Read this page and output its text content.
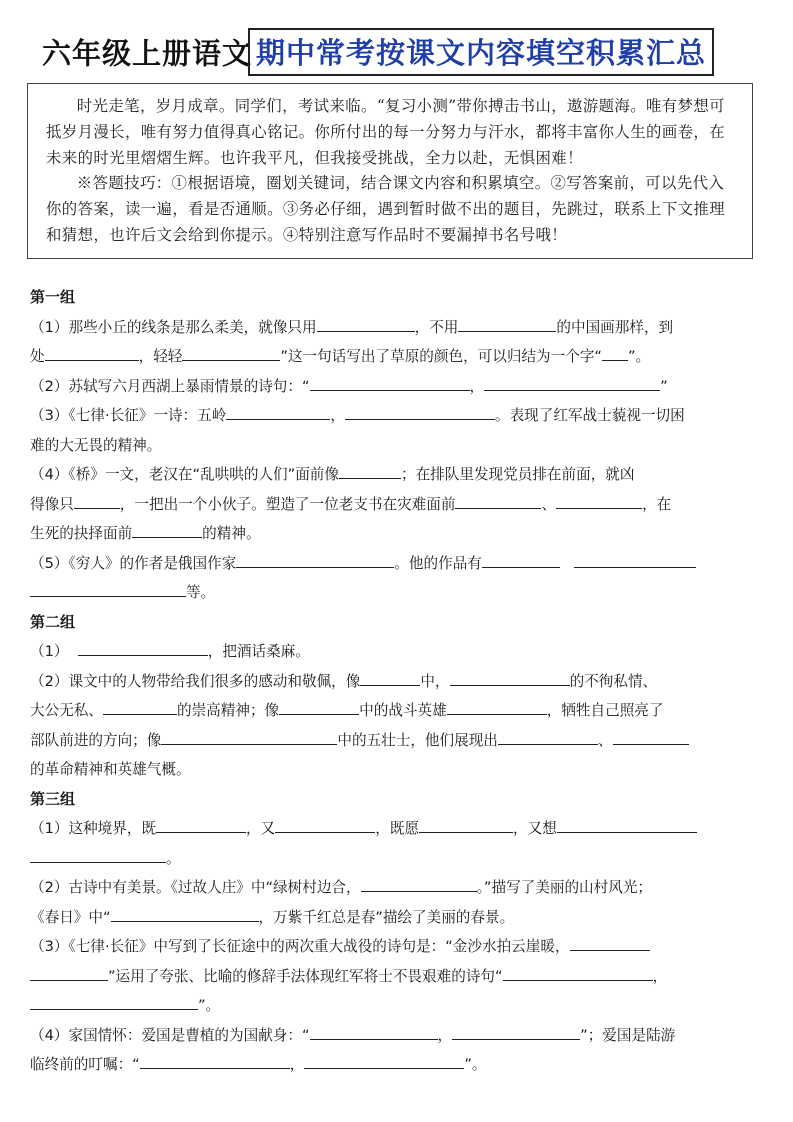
六年级上册语文 期中常考按课文内容填空积累汇总

时光走笔，岁月成章。同学们，考试来临。“复习小测”带你搏击书山，遨游题海。唯有梦想可抵岁月漫长，唯有努力值得真心铭记。你所付出的每一分努力与汗水，都将丰富你人生的画卷，在未来的时光里熠熠生辉。也许我平凡，但我接受挑战，全力以赴，无惧困难！

※答题技巧：①根据语境，圈划关键词，结合课文内容和积累填空。②写答案前，可以先代入你的答案，读一遍，看是否通顺。③务必仔细，遇到暂时做不出的题目，先跳过，联系上下文推理和猜想，也许后文会给到你提示。④特别注意写作品时不要漏掉书名号哦！

第一组

（1）那些小丘的线条是那么柔美，就像只用	，不用	的中国画那样，到
处	，轻轻	”这一句话写出了草原的颜色，可以归结为一个字“ ”。

（2）苏轼写六月西湖上暴雨情景的诗句：“	，	”

（3）《七律·长征》一诗：五岭	，	。表现了红军战士藐视一切困
难的大无畏的精神。

（4）《桥》一文，老汉在“乱哄哄的人们”面前像	；在排队里发现党员排在前面，就凶
得像只	，一把出一个小伙子。塑造了一位老支书在灾难面前	、	，在
生死的抉择面前	的精神。

（5）《穷人》的作者是俄国作家	。他的作品有
等。

第二组

（1）	，把酒话桑麻。

（2）课文中的人物带给我们很多的感动和敬佩，像	中，	的不徇私情、
大公无私、	的崇高精神；像	中的战斗英雄	，牺牲自己照亮了
部队前进的方向；像	中的五壮士，他们展现出	、
的革命精神和英雄气概。

第三组

（1）这种境界，既	，又	，既愿	，又想
。

（2）古诗中有美景。《过故人庄》中“绿树村边合，	。”描写了美丽的山村风光；
《春日》中“	，万紫千红总是春”描绘了美丽的春景。

（3）《七律·长征》中写到了长征途中的两次重大战役的诗句是：“金沙水拍云崖暖，
”运用了夸张、比喻的修辞手法体现红军将士不畏艰难的诗句“	，
”。

（4）家国情怀：爱国是曹植的为国献身：“	，	”；爱国是陆游
临终前的叮嘱：“	，	”。
